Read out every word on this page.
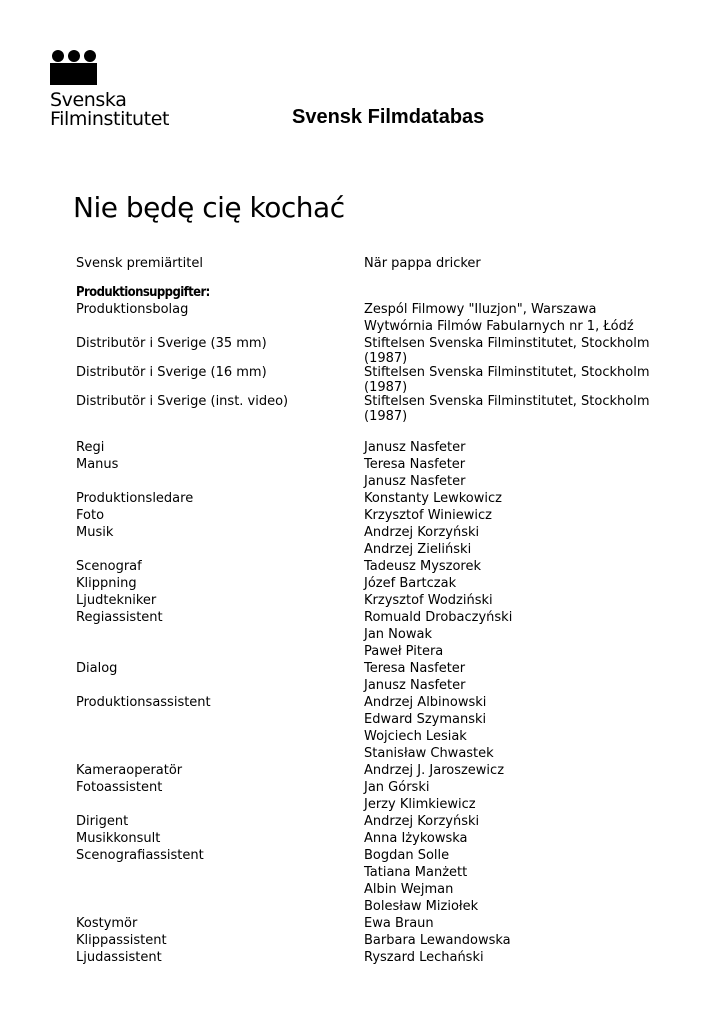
Svenska
Filminstitutet	Svensk Filmdatabas
Nie będę cię kochać
Svensk premiärtitel	När pappa dricker
Produktionsuppgifter:
Produktionsbolag	Zespól Filmowy "Iluzjon", Warszawa
Wytwórnia Filmów Fabularnych nr 1, Łódź
Distributör i Sverige (35 mm)	Stiftelsen Svenska Filminstitutet, Stockholm (1987)
Distributör i Sverige (16 mm)	Stiftelsen Svenska Filminstitutet, Stockholm (1987)
Distributör i Sverige (inst. video)	Stiftelsen Svenska Filminstitutet, Stockholm (1987)
Regi	Janusz Nasfeter
Manus	Teresa Nasfeter
Janusz Nasfeter
Produktionsledare	Konstanty Lewkowicz
Foto	Krzysztof Winiewicz
Musik	Andrzej Korzyński
Andrzej Zieliński
Scenograf	Tadeusz Myszorek
Klippning	Józef Bartczak
Ljudtekniker	Krzysztof Wodziński
Regiassistent	Romuald Drobaczyński
Jan Nowak
Paweł Pitera
Dialog	Teresa Nasfeter
Janusz Nasfeter
Produktionsassistent	Andrzej Albinowski
Edward Szymanski
Wojciech Lesiak
Stanisław Chwastek
Kameraoperatör	Andrzej J. Jaroszewicz
Fotoassistent	Jan Górski
Jerzy Klimkiewicz
Dirigent	Andrzej Korzyński
Musikkonsult	Anna Iżykowska
Scenografiassistent	Bogdan Solle
Tatiana Manżett
Albin Wejman
Bolesław Miziołek
Kostymör	Ewa Braun
Klippassistent	Barbara Lewandowska
Ljudassistent	Ryszard Lechański
